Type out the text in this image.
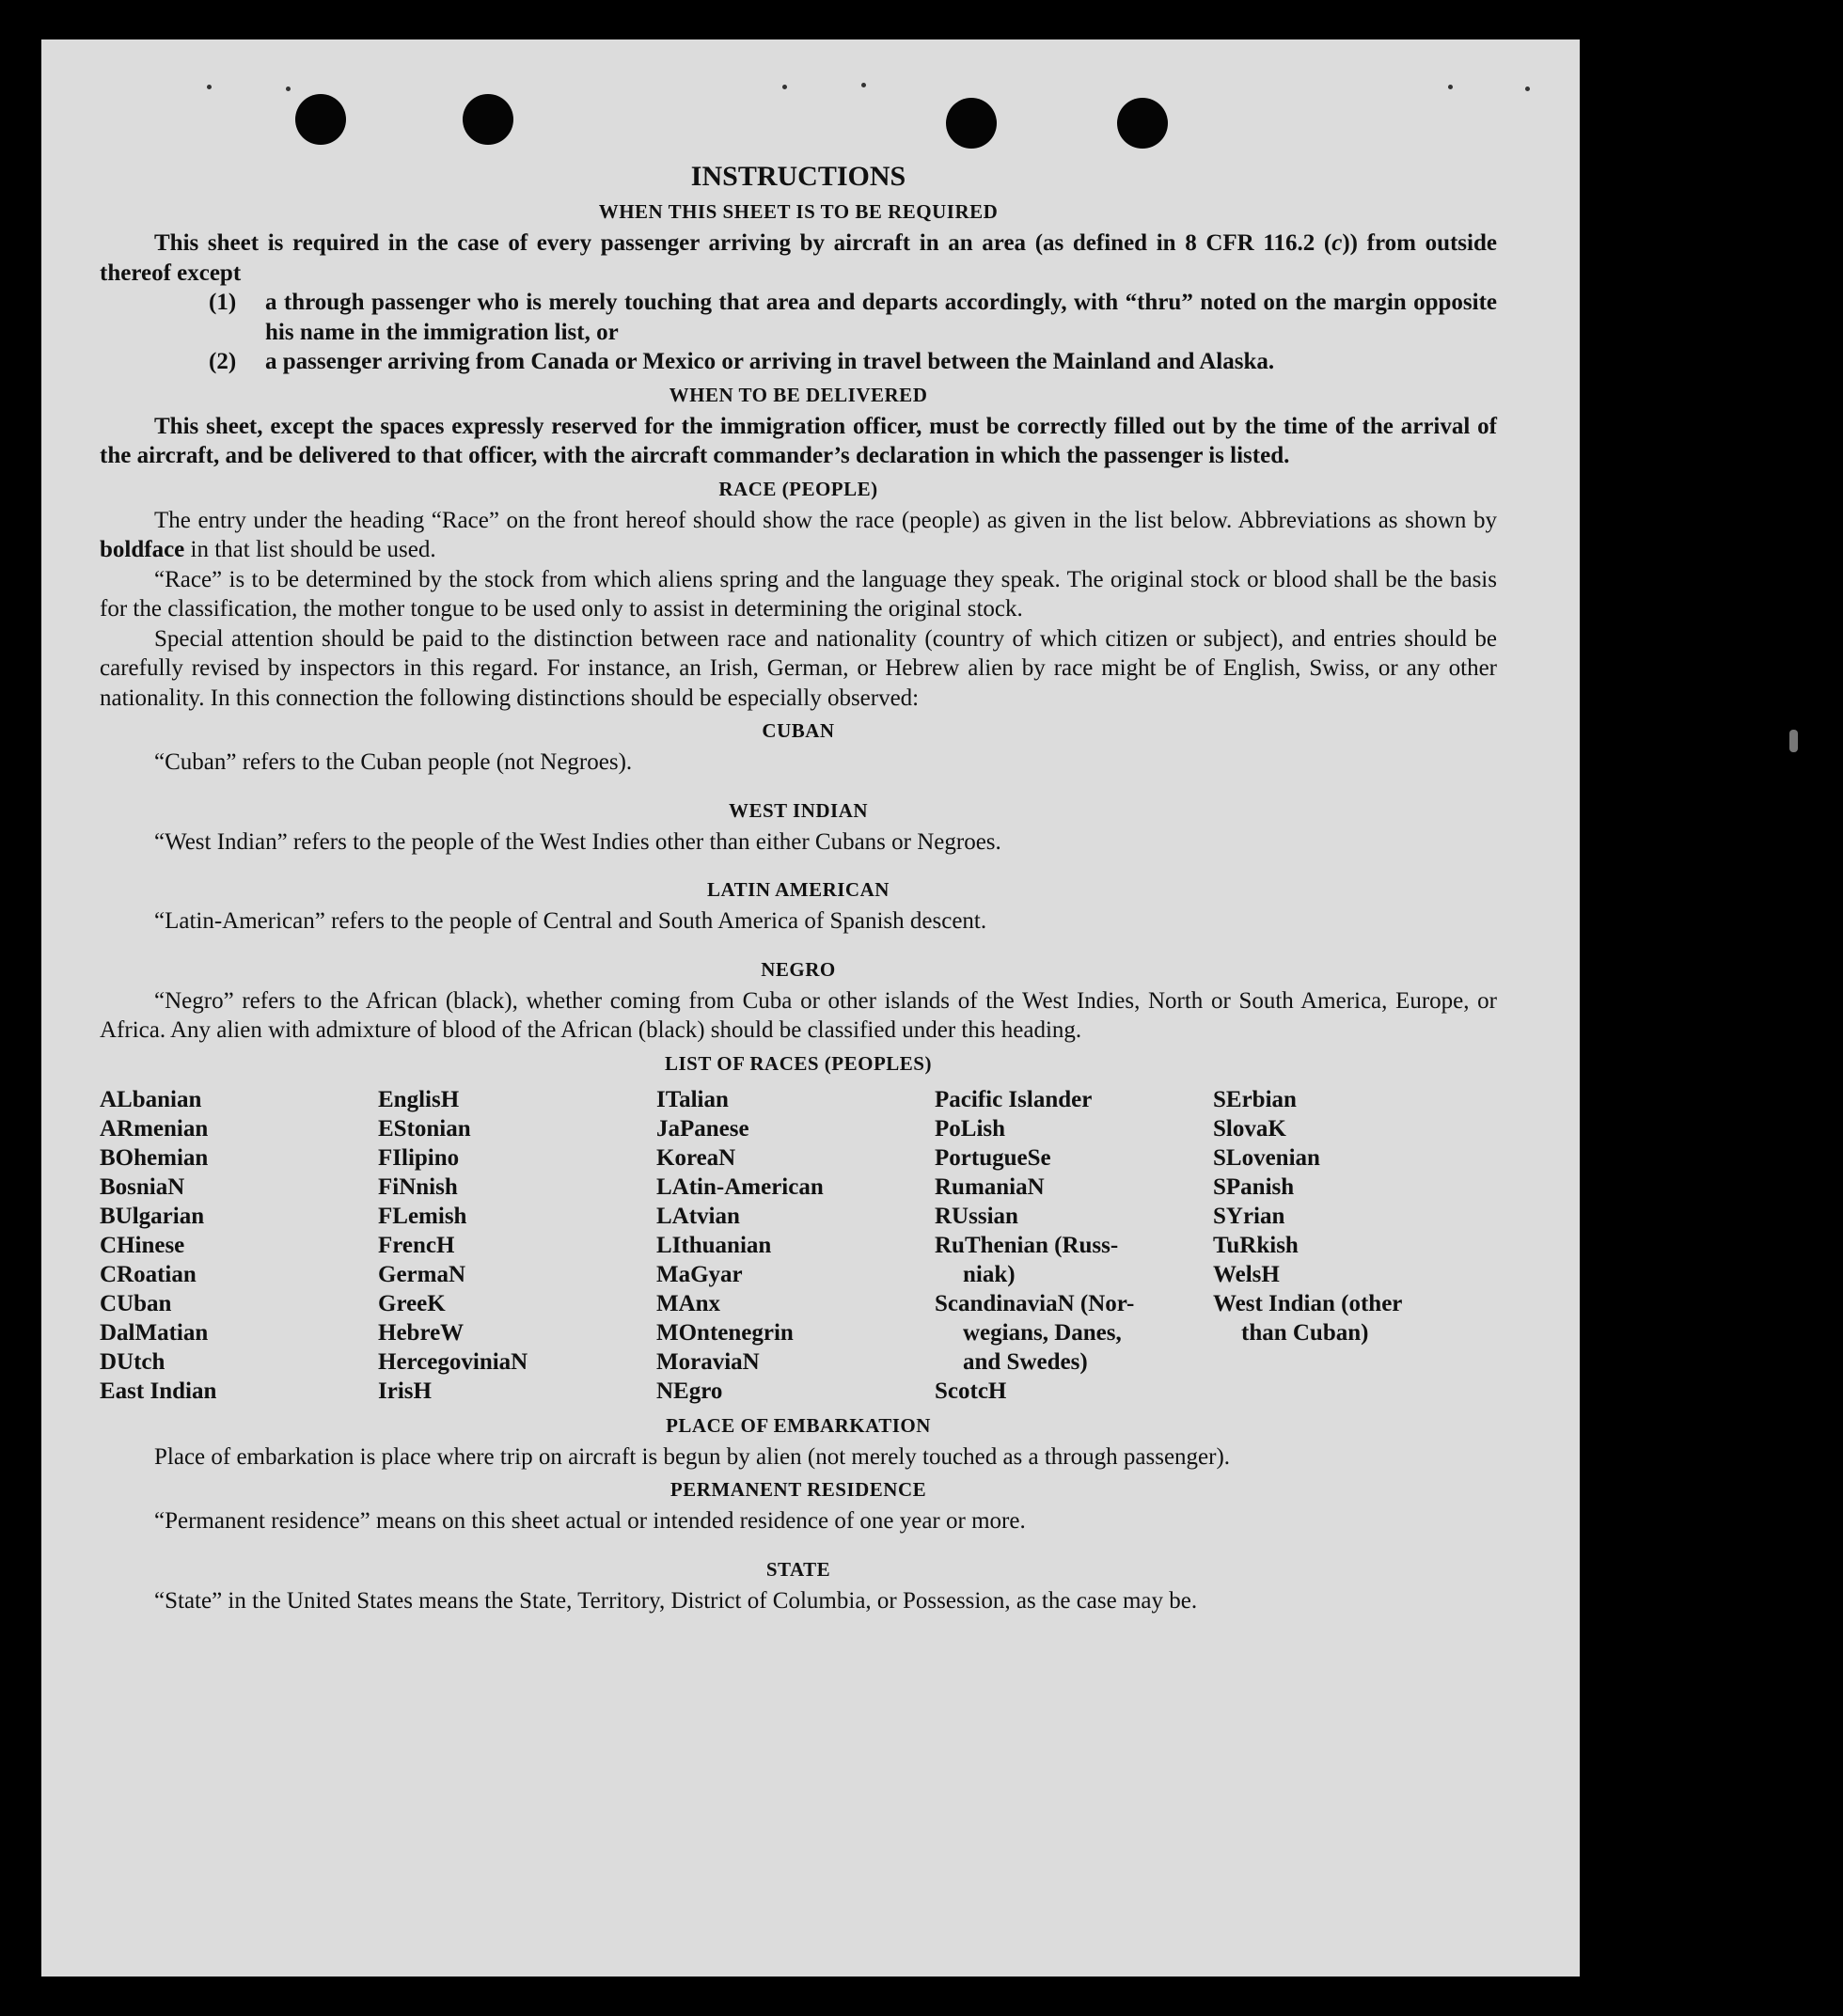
INSTRUCTIONS
WHEN THIS SHEET IS TO BE REQUIRED

This sheet is required in the case of every passenger arriving by aircraft in an area (as defined in 8 CFR 116.2 (c)) from outside thereof except

(1) a through passenger who is merely touching that area and departs accordingly, with “thru” noted on the margin opposite his name in the immigration list, or

(2) a passenger arriving from Canada or Mexico or arriving in travel between the Mainland and Alaska.

WHEN TO BE DELIVERED

This sheet, except the spaces expressly reserved for the immigration officer, must be correctly filled out by the time of the arrival of the aircraft, and be delivered to that officer, with the aircraft commander’s declaration in which the passenger is listed.

RACE (PEOPLE)

The entry under the heading “Race” on the front hereof should show the race (people) as given in the list below. Abbreviations as shown by boldface in that list should be used.

“Race” is to be determined by the stock from which aliens spring and the language they speak. The original stock or blood shall be the basis for the classification, the mother tongue to be used only to assist in determining the original stock.

Special attention should be paid to the distinction between race and nationality (country of which citizen or subject), and entries should be carefully revised by inspectors in this regard. For instance, an Irish, German, or Hebrew alien by race might be of English, Swiss, or any other nationality. In this connection the following distinctions should be especially observed:

CUBAN

“Cuban” refers to the Cuban people (not Negroes).

WEST INDIAN

“West Indian” refers to the people of the West Indies other than either Cubans or Negroes.

LATIN AMERICAN

“Latin-American” refers to the people of Central and South America of Spanish descent.

NEGRO

“Negro” refers to the African (black), whether coming from Cuba or other islands of the West Indies, North or South America, Europe, or Africa. Any alien with admixture of blood of the African (black) should be classified under this heading.

LIST OF RACES (PEOPLES)
ALbanian
ARmenian
BOhemian
BosniaN
BUlgarian
CHinese
CRoatian
CUban
DalMatian
DUtch
East Indian
EnglisH
EStonian
FIlipino
FiNnish
FLemish
FrencH
GermaN
GreeK
HebreW
HercegoviniaN
IrisH
ITalian
JaPanese
KoreaN
LAtin-American
LAtvian
LIthuanian
MaGyar
MAnx
MOntenegrin
MoraviaN
NEgro
Pacific Islander
PoLish
PortugueSe
RumaniaN
RUssian
RuThenian (Russ-
niak)
ScandinaviaN (Nor-
wegians, Danes,
and Swedes)
ScotcH
SErbian
SlovaK
SLovenian
SPanish
SYrian
TuRkish
WelsH
West Indian (other
than Cuban)
PLACE OF EMBARKATION

Place of embarkation is place where trip on aircraft is begun by alien (not merely touched as a through passenger).

PERMANENT RESIDENCE

“Permanent residence” means on this sheet actual or intended residence of one year or more.

STATE

“State” in the United States means the State, Territory, District of Columbia, or Possession, as the case may be.
